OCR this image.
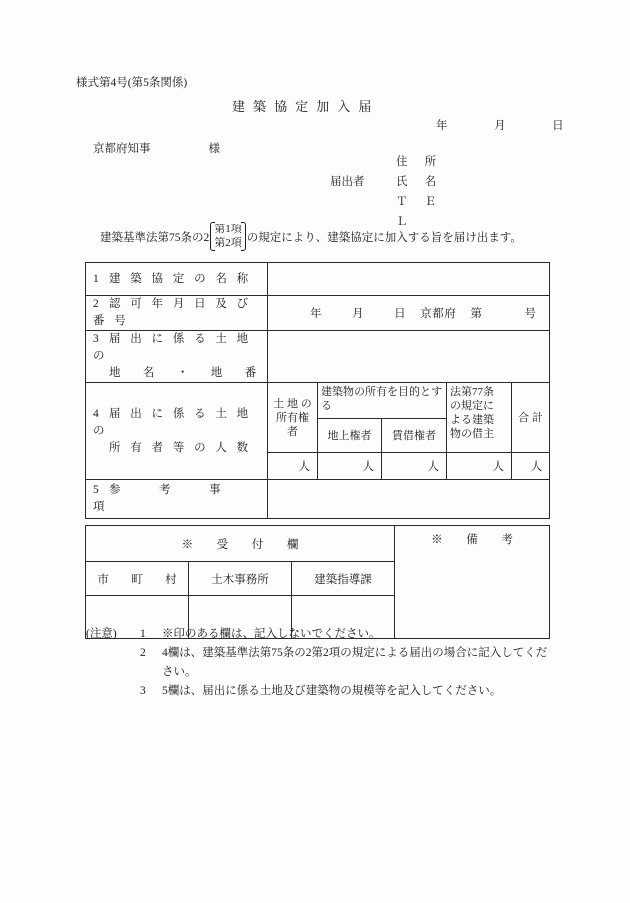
様式第4号(第5条関係)
建築協定加入届
年 月 日
京都府知事	様
住 所
届出者	氏 名
Ｔ Ｅ Ｌ
建築基準法第75条の2
第1項
第2項 の規定により、建築協定に加入する旨を届け出ます。
1 建 築 協 定 の 名 称					
2 認 可 年 月 日 及 び 番 号	年 月 日 京都府 第 号				

3 届 出 に 係 る 土 地 の
地 名 ・ 地 番					

4 届 出 に 係 る 土 地 の
所 有 者 等 の 人 数	土 地 の
所有権者	建築物の所有を目的とする		法第77条
の規定に
よる建築
物の借主	合 計
		地上権者	賃借権者		
	人	人	人	人	人
5 参 考 事 項					
※ 受 付 欄			※ 備 考
市 町 村	土木事務所	建築指導課	

(注意)	1	※印のある欄は、記入しないでください。
2	4欄は、建築基準法第75条の2第2項の規定による届出の場合に記入してくだ
さい。
3	5欄は、届出に係る土地及び建築物の規模等を記入してください。
